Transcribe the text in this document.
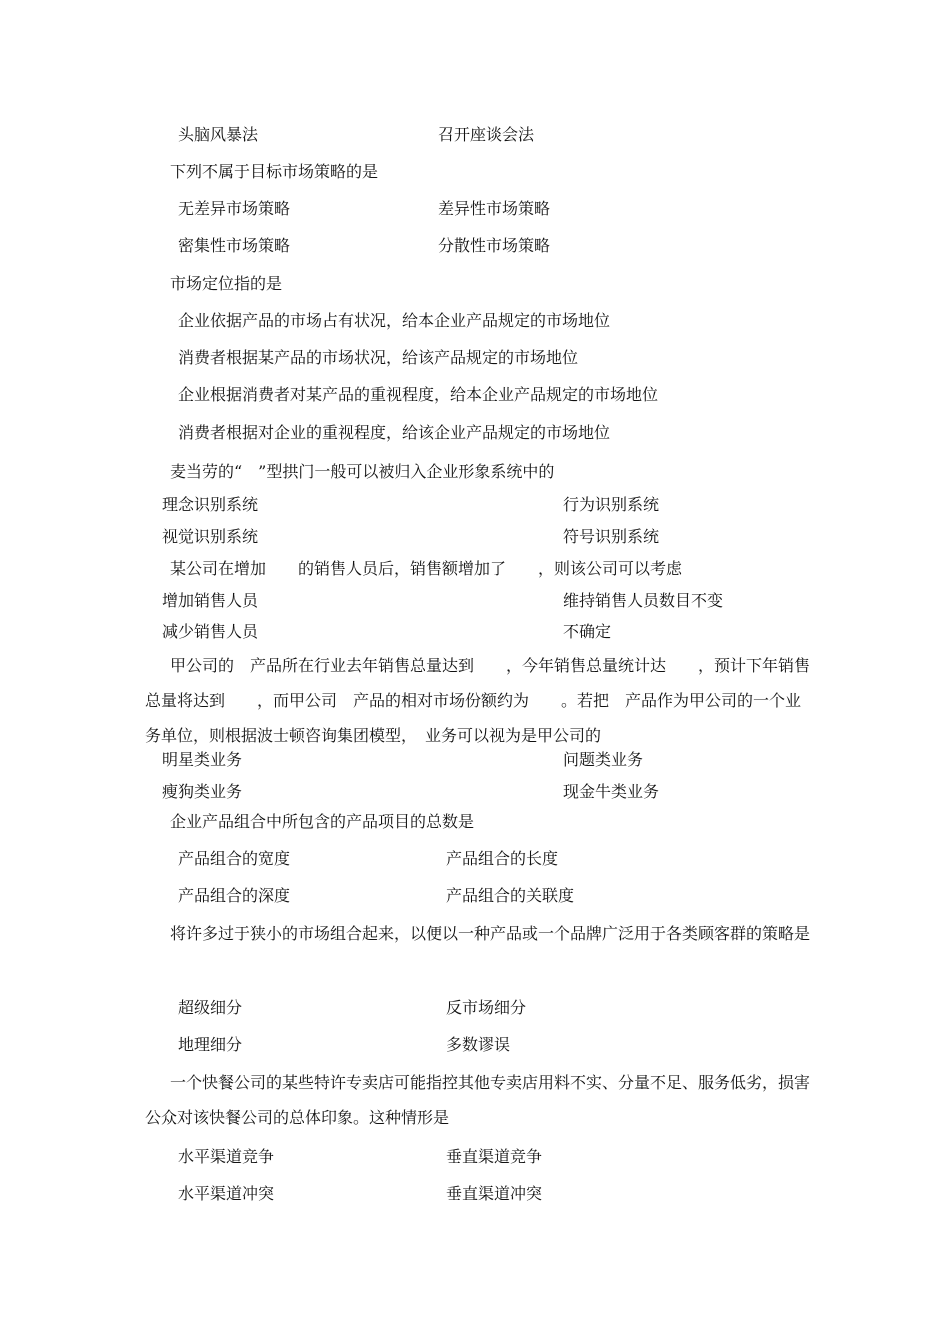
头脑风暴法	召开座谈会法
下列不属于目标市场策略的是
无差异市场策略	差异性市场策略
密集性市场策略	分散性市场策略
市场定位指的是
企业依据产品的市场占有状况，给本企业产品规定的市场地位
消费者根据某产品的市场状况，给该产品规定的市场地位
企业根据消费者对某产品的重视程度，给本企业产品规定的市场地位
消费者根据对企业的重视程度，给该企业产品规定的市场地位
麦当劳的“　”型拱门一般可以被归入企业形象系统中的
理念识别系统	行为识别系统
视觉识别系统	符号识别系统
某公司在增加　　的销售人员后，销售额增加了　　，则该公司可以考虑
增加销售人员	维持销售人员数目不变
减少销售人员	不确定
甲公司的　产品所在行业去年销售总量达到　　，今年销售总量统计达　　，预计下年销售总量将达到　　，而甲公司　产品的相对市场份额约为　　。若把　产品作为甲公司的一个业务单位，则根据波士顿咨询集团模型，　业务可以视为是甲公司的
明星类业务	问题类业务
瘦狗类业务	现金牛类业务
企业产品组合中所包含的产品项目的总数是
产品组合的宽度	产品组合的长度
产品组合的深度	产品组合的关联度
将许多过于狭小的市场组合起来，以便以一种产品或一个品牌广泛用于各类顾客群的策略是
超级细分	反市场细分
地理细分	多数谬误
一个快餐公司的某些特许专卖店可能指控其他专卖店用料不实、分量不足、服务低劣，损害公众对该快餐公司的总体印象。这种情形是
水平渠道竞争	垂直渠道竞争
水平渠道冲突	垂直渠道冲突
